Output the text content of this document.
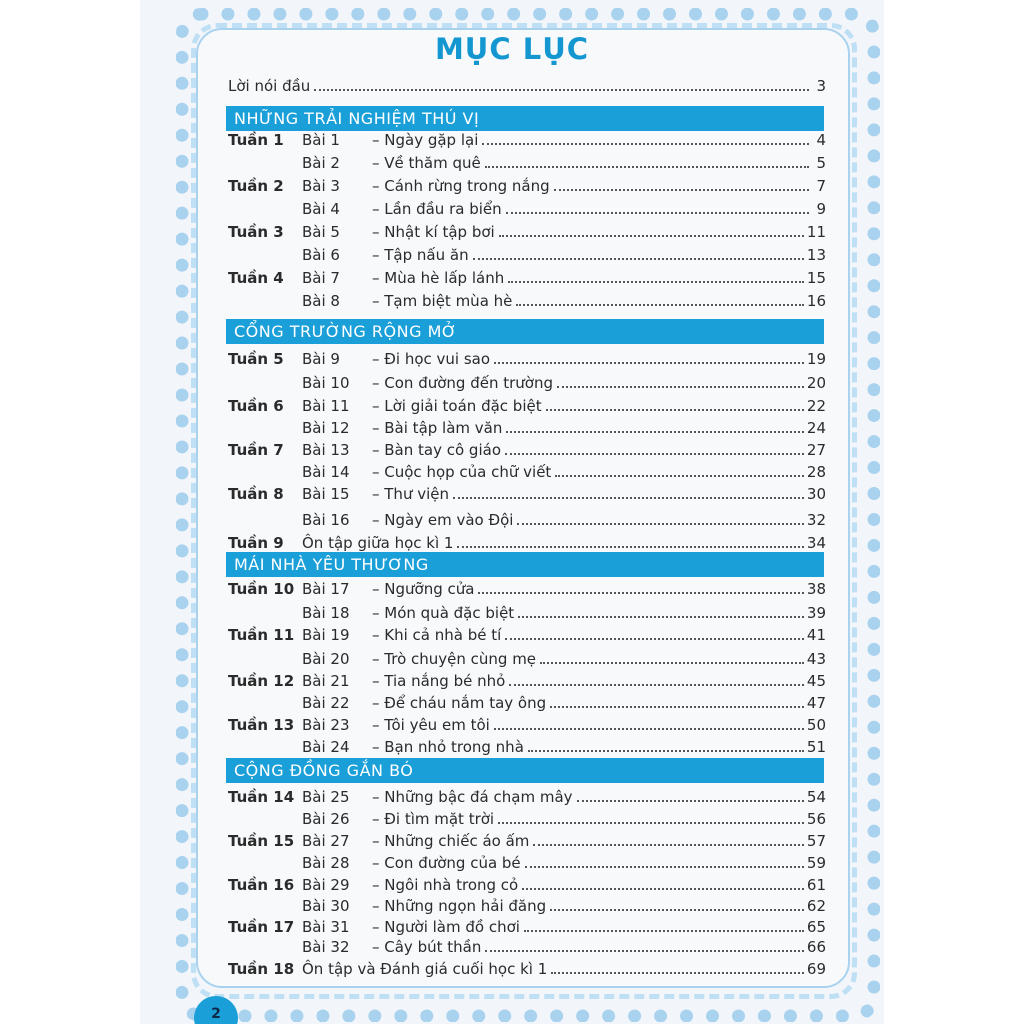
MỤC LỤC
Lời nói đầu	3
NHỮNG TRẢI NGHIỆM THÚ VỊ
Tuần 1	Bài 1	– Ngày gặp lại	4
Bài 2	– Về thăm quê	5
Tuần 2	Bài 3	– Cánh rừng trong nắng	7
Bài 4	– Lần đầu ra biển	9
Tuần 3	Bài 5	– Nhật kí tập bơi	11
Bài 6	– Tập nấu ăn	13
Tuần 4	Bài 7	– Mùa hè lấp lánh	15
Bài 8	– Tạm biệt mùa hè	16
CỔNG TRƯỜNG RỘNG MỞ
Tuần 5	Bài 9	– Đi học vui sao	19
Bài 10	– Con đường đến trường	20
Tuần 6	Bài 11	– Lời giải toán đặc biệt	22
Bài 12	– Bài tập làm văn	24
Tuần 7	Bài 13	– Bàn tay cô giáo	27
Bài 14	– Cuộc họp của chữ viết	28
Tuần 8	Bài 15	– Thư viện	30
Bài 16	– Ngày em vào Đội	32
Tuần 9	Ôn tập giữa học kì 1	34
MÁI NHÀ YÊU THƯƠNG
Tuần 10 Bài 17	– Ngưỡng cửa	38
Bài 18	– Món quà đặc biệt	39
Tuần 11 Bài 19	– Khi cả nhà bé tí	41
Bài 20	– Trò chuyện cùng mẹ	43
Tuần 12 Bài 21	– Tia nắng bé nhỏ	45
Bài 22	– Để cháu nắm tay ông	47
Tuần 13 Bài 23	– Tôi yêu em tôi	50
Bài 24	– Bạn nhỏ trong nhà	51
CỘNG ĐỒNG GẮN BÓ
Tuần 14 Bài 25	– Những bậc đá chạm mây	54
Bài 26	– Đi tìm mặt trời	56
Tuần 15 Bài 27	– Những chiếc áo ấm	57
Bài 28	– Con đường của bé	59
Tuần 16 Bài 29	– Ngôi nhà trong cỏ	61
Bài 30	– Những ngọn hải đăng	62
Tuần 17 Bài 31	– Người làm đồ chơi	65
Bài 32	– Cây bút thần	66
Tuần 18 Ôn tập và Đánh giá cuối học kì 1	69
2
